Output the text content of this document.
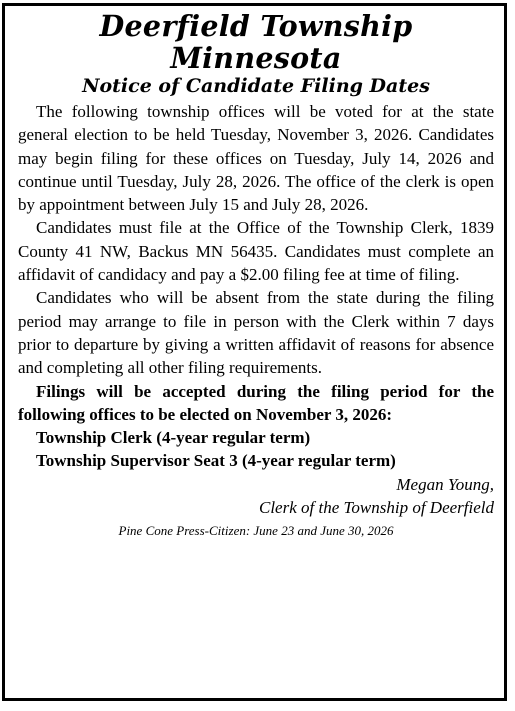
Deerfield Township

Minnesota

Notice of Candidate Filing Dates

The following township offices will be voted for at the state general election to be held Tuesday, November 3, 2026. Candidates may begin filing for these offices on Tuesday, July 14, 2026 and continue until Tuesday, July 28, 2026. The office of the clerk is open by appointment between July 15 and July 28, 2026.

Candidates must file at the Office of the Township Clerk, 1839 County 41 NW, Backus MN 56435. Candidates must complete an affidavit of candidacy and pay a $2.00 filing fee at time of filing.

Candidates who will be absent from the state during the filing period may arrange to file in person with the Clerk within 7 days prior to departure by giving a written affidavit of reasons for absence and completing all other filing requirements.

Filings will be accepted during the filing period for the following offices to be elected on November 3, 2026:

Township Clerk (4-year regular term)

Township Supervisor Seat 3 (4-year regular term)

Megan Young,

Clerk of the Township of Deerfield

Pine Cone Press-Citizen: June 23 and June 30, 2026
